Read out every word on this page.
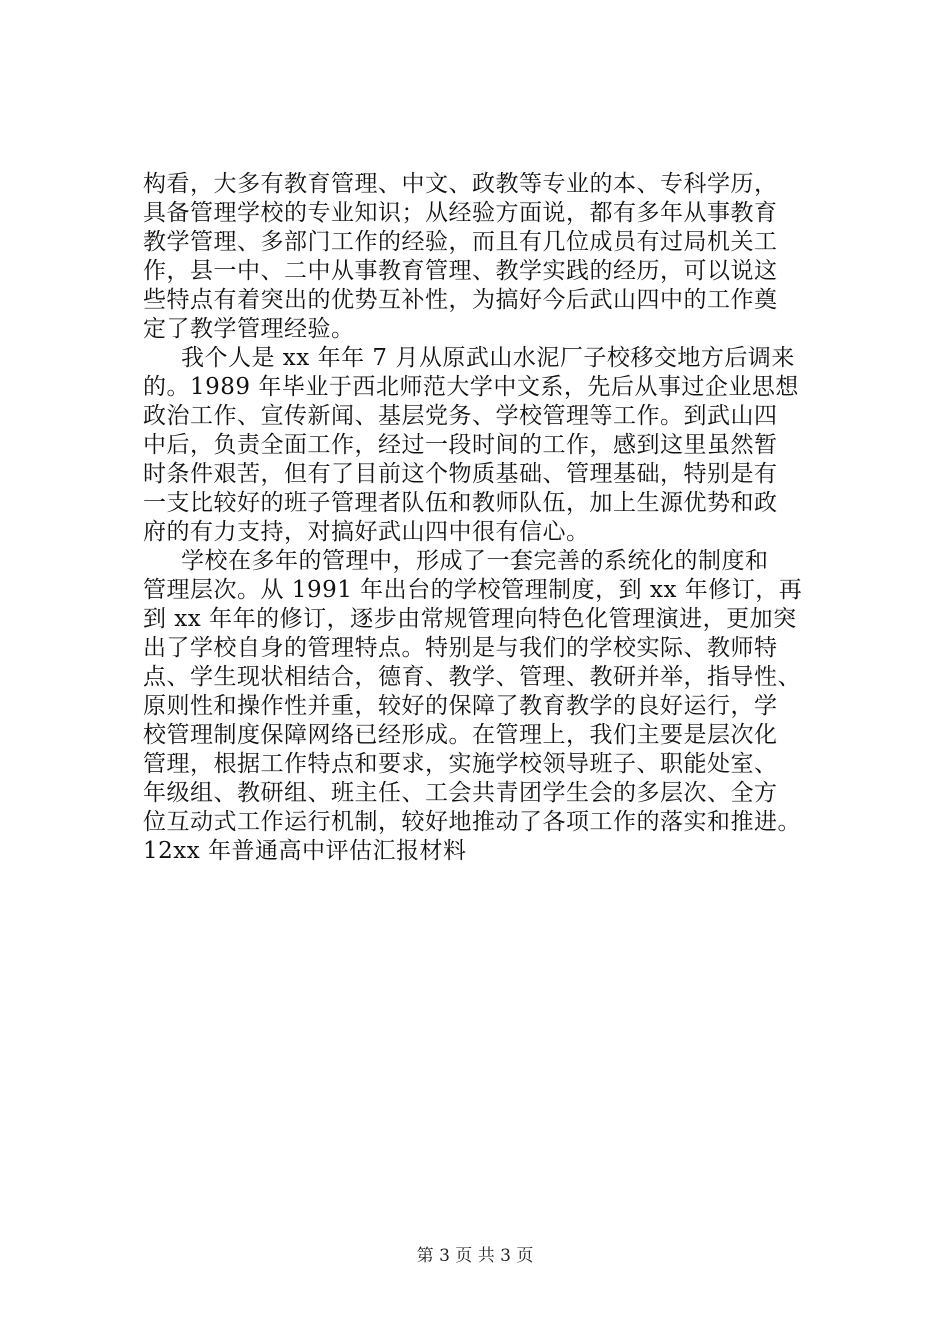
构看，大多有教育管理、中文、政教等专业的本、专科学历，
具备管理学校的专业知识；从经验方面说，都有多年从事教育
教学管理、多部门工作的经验，而且有几位成员有过局机关工
作，县一中、二中从事教育管理、教学实践的经历，可以说这
些特点有着突出的优势互补性，为搞好今后武山四中的工作奠
定了教学管理经验。
我个人是 xx 年年 7 月从原武山水泥厂子校移交地方后调来
的。1989 年毕业于西北师范大学中文系，先后从事过企业思想
政治工作、宣传新闻、基层党务、学校管理等工作。到武山四
中后，负责全面工作，经过一段时间的工作，感到这里虽然暂
时条件艰苦，但有了目前这个物质基础、管理基础，特别是有
一支比较好的班子管理者队伍和教师队伍，加上生源优势和政
府的有力支持，对搞好武山四中很有信心。
学校在多年的管理中，形成了一套完善的系统化的制度和
管理层次。从 1991 年出台的学校管理制度，到 xx 年修订，再
到 xx 年年的修订，逐步由常规管理向特色化管理演进，更加突
出了学校自身的管理特点。特别是与我们的学校实际、教师特
点、学生现状相结合，德育、教学、管理、教研并举，指导性、
原则性和操作性并重，较好的保障了教育教学的良好运行，学
校管理制度保障网络已经形成。在管理上，我们主要是层次化
管理，根据工作特点和要求，实施学校领导班子、职能处室、
年级组、教研组、班主任、工会共青团学生会的多层次、全方
位互动式工作运行机制，较好地推动了各项工作的落实和推进。
12xx 年普通高中评估汇报材料
第 3 页 共 3 页
